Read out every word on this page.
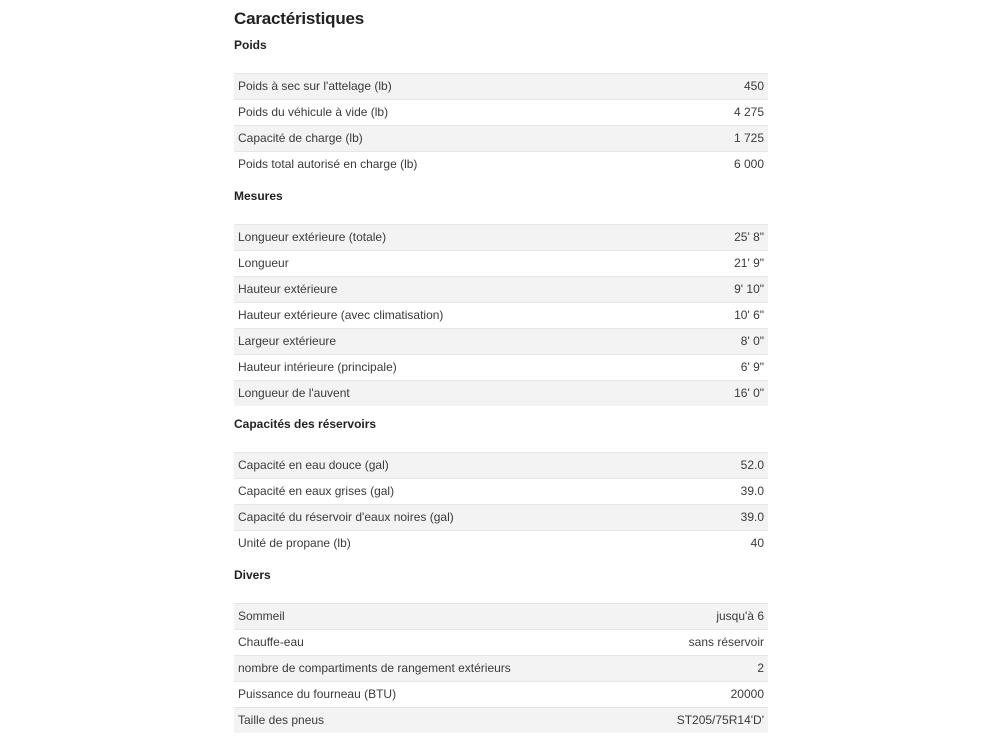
Caractéristiques
Poids
Poids à sec sur l'attelage (lb)	450
Poids du véhicule à vide (lb)	4 275
Capacité de charge (lb)	1 725
Poids total autorisé en charge (lb)	6 000
Mesures
Longueur extérieure (totale)	25' 8"
Longueur	21' 9"
Hauteur extérieure	9' 10"
Hauteur extérieure (avec climatisation)	10' 6"
Largeur extérieure	8' 0"
Hauteur intérieure (principale)	6' 9"
Longueur de l'auvent	16' 0"
Capacités des réservoirs
Capacité en eau douce (gal)	52.0
Capacité en eaux grises (gal)	39.0
Capacité du réservoir d'eaux noires (gal)	39.0
Unité de propane (lb)	40
Divers
Sommeil	jusqu'à 6
Chauffe-eau	sans réservoir
nombre de compartiments de rangement extérieurs	2
Puissance du fourneau (BTU)	20000
Taille des pneus	ST205/75R14'D'
